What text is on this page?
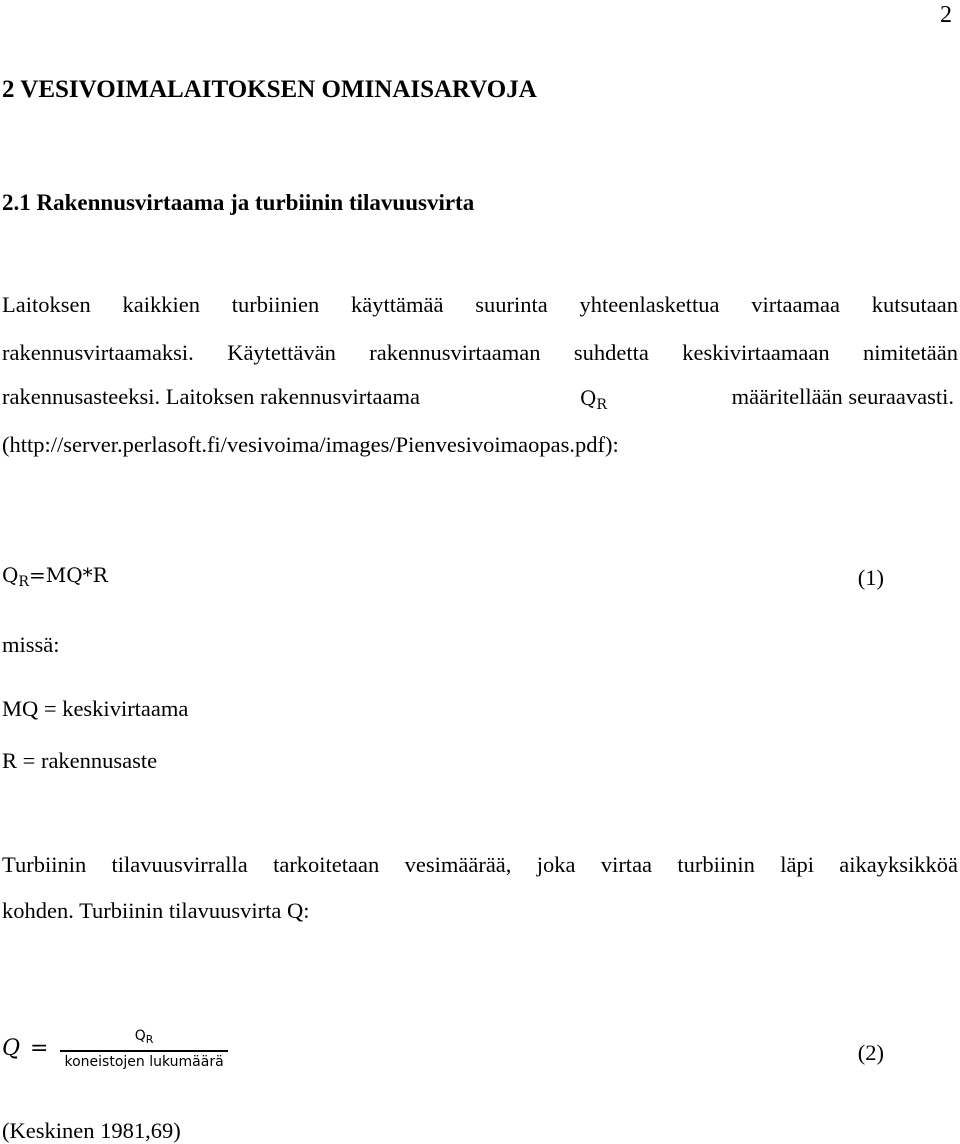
2
2 VESIVOIMALAITOKSEN OMINAISARVOJA
2.1 Rakennusvirtaama ja turbiinin tilavuusvirta
Laitoksen kaikkien turbiinien käyttämää suurinta yhteenlaskettua virtaamaa kutsutaan
rakennusvirtaamaksi. Käytettävän rakennusvirtaaman suhdetta keskivirtaamaan nimitetään
rakennusasteeksi. Laitoksen rakennusvirtaama	$Q_R$	määritellään seuraavasti.
(http://server.perlasoft.fi/vesivoima/images/Pienvesivoimaopas.pdf):
$Q_R=MQ*R$	(1)
missä:
MQ = keskivirtaama
R = rakennusaste
Turbiinin tilavuusvirralla tarkoitetaan vesimäärää, joka virtaa turbiinin läpi aikayksikköä
kohden. Turbiinin tilavuusvirta Q:
$Q = \frac{Q_R}{\text{koneistojen lukumäärä}}$	(2)
(Keskinen 1981,69)
